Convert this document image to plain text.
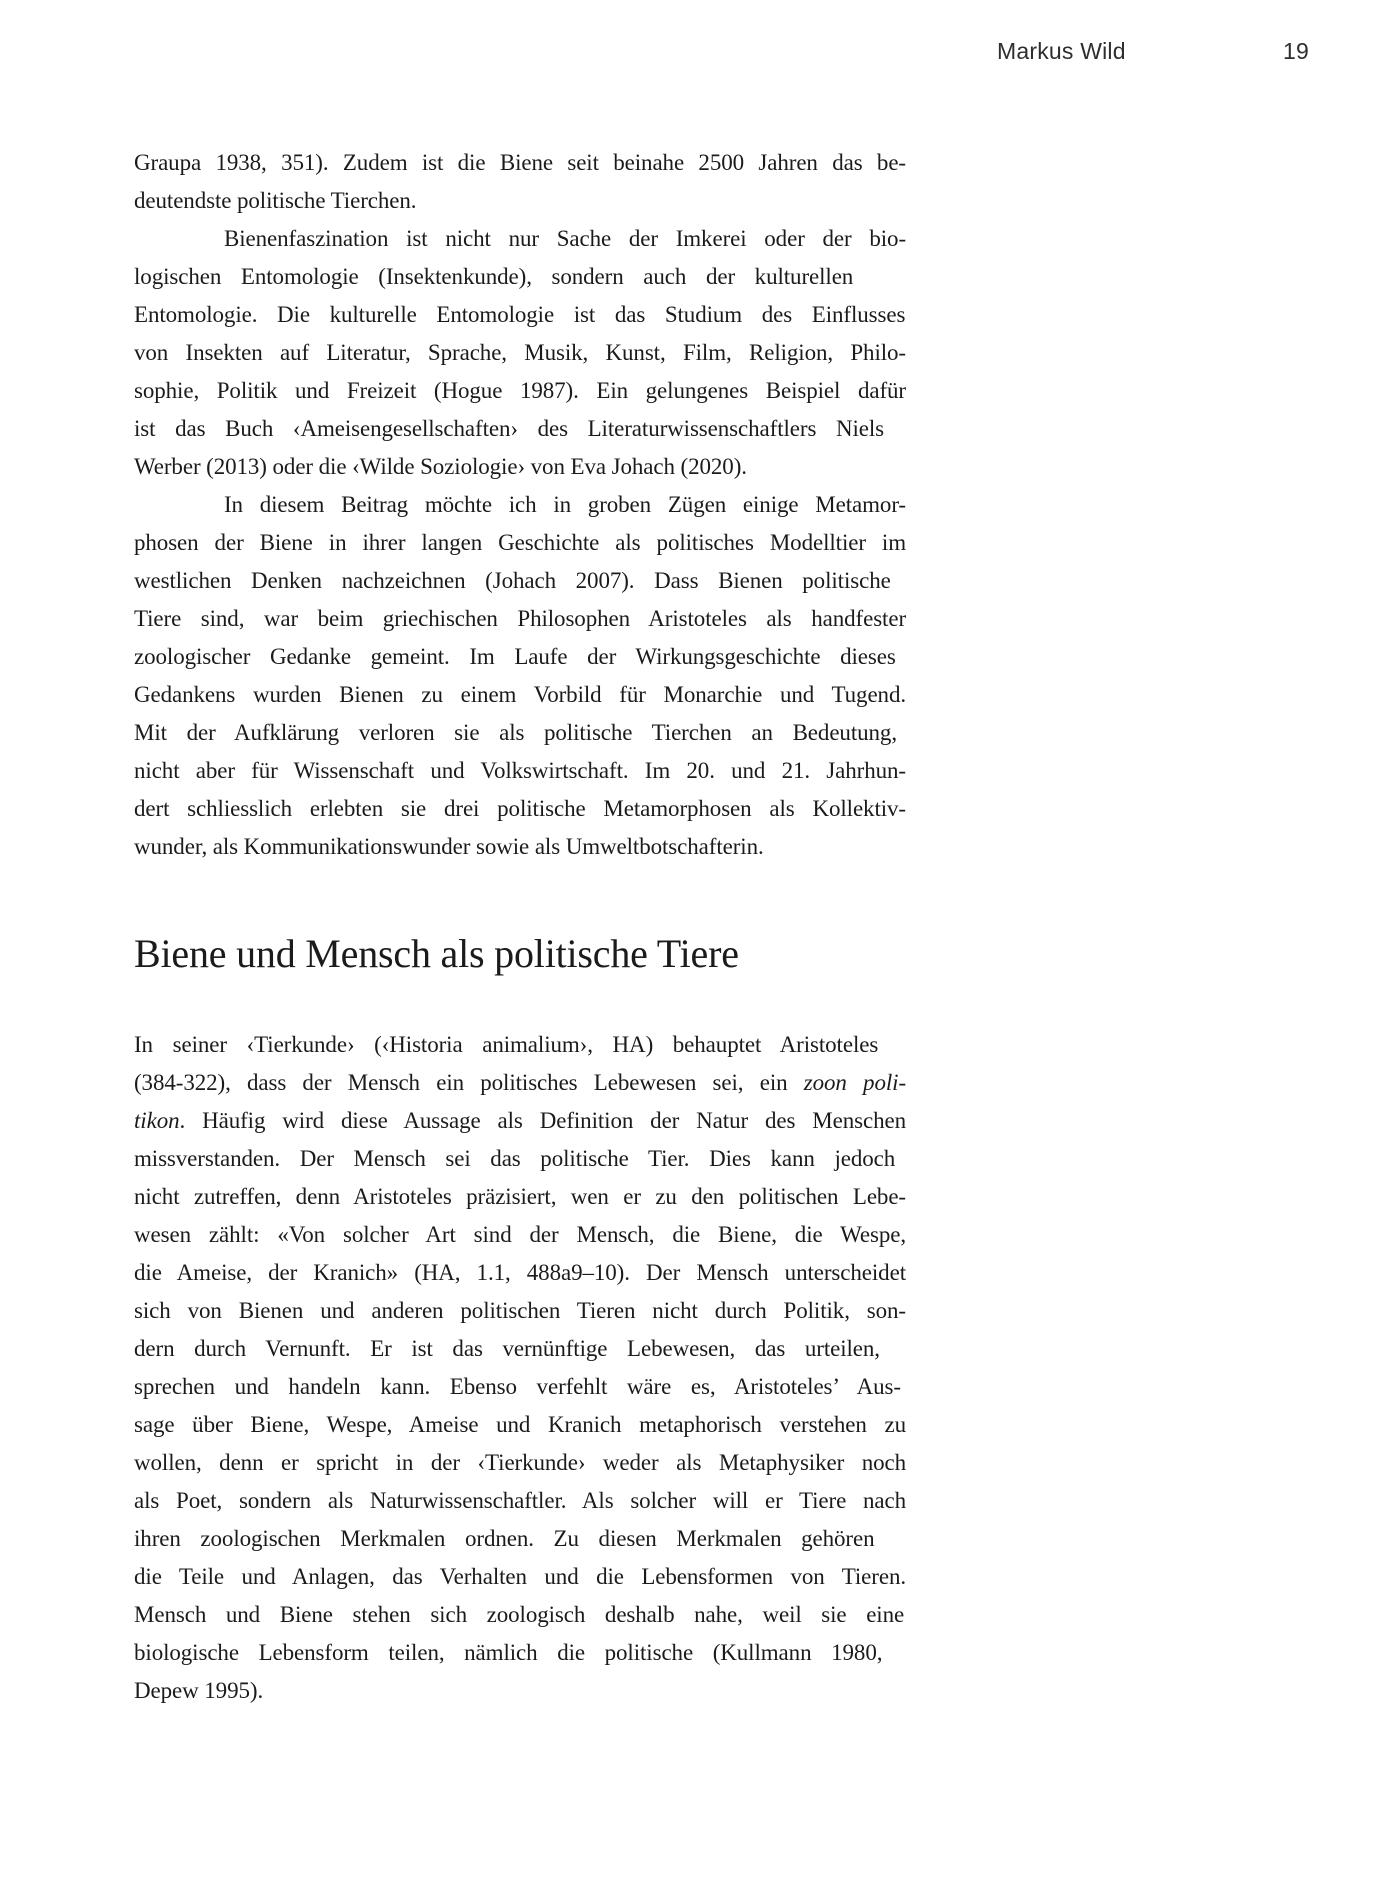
Markus Wild	19
Graupa 1938, 351). Zudem ist die Biene seit beinahe 2500 Jahren das be-
deutendste politische Tierchen.
Bienenfaszination ist nicht nur Sache der Imkerei oder der bio-
logischen Entomologie (Insektenkunde), sondern auch der kulturellen
Entomologie. Die kulturelle Entomologie ist das Studium des Einflusses
von Insekten auf Literatur, Sprache, Musik, Kunst, Film, Religion, Philo-
sophie, Politik und Freizeit (Hogue 1987). Ein gelungenes Beispiel dafür
ist das Buch ‹Ameisengesellschaften› des Literaturwissenschaftlers Niels
Werber (2013) oder die ‹Wilde Soziologie› von Eva Johach (2020).
In diesem Beitrag möchte ich in groben Zügen einige Metamor-
phosen der Biene in ihrer langen Geschichte als politisches Modelltier im
westlichen Denken nachzeichnen (Johach 2007). Dass Bienen politische
Tiere sind, war beim griechischen Philosophen Aristoteles als handfester
zoologischer Gedanke gemeint. Im Laufe der Wirkungsgeschichte dieses
Gedankens wurden Bienen zu einem Vorbild für Monarchie und Tugend.
Mit der Aufklärung verloren sie als politische Tierchen an Bedeutung,
nicht aber für Wissenschaft und Volkswirtschaft. Im 20. und 21. Jahrhun-
dert schliesslich erlebten sie drei politische Metamorphosen als Kollektiv-
wunder, als Kommunikationswunder sowie als Umweltbotschafterin.
Biene und Mensch als politische Tiere
In seiner ‹Tierkunde› (‹Historia animalium›, HA) behauptet Aristoteles
(384-322), dass der Mensch ein politisches Lebewesen sei, ein zoon poli-
tikon. Häufig wird diese Aussage als Definition der Natur des Menschen
missverstanden. Der Mensch sei das politische Tier. Dies kann jedoch
nicht zutreffen, denn Aristoteles präzisiert, wen er zu den politischen Lebe-
wesen zählt: «Von solcher Art sind der Mensch, die Biene, die Wespe,
die Ameise, der Kranich» (HA, 1.1, 488a9–10). Der Mensch unterscheidet
sich von Bienen und anderen politischen Tieren nicht durch Politik, son-
dern durch Vernunft. Er ist das vernünftige Lebewesen, das urteilen,
sprechen und handeln kann. Ebenso verfehlt wäre es, Aristoteles’ Aus-
sage über Biene, Wespe, Ameise und Kranich metaphorisch verstehen zu
wollen, denn er spricht in der ‹Tierkunde› weder als Metaphysiker noch
als Poet, sondern als Naturwissenschaftler. Als solcher will er Tiere nach
ihren zoologischen Merkmalen ordnen. Zu diesen Merkmalen gehören
die Teile und Anlagen, das Verhalten und die Lebensformen von Tieren.
Mensch und Biene stehen sich zoologisch deshalb nahe, weil sie eine
biologische Lebensform teilen, nämlich die politische (Kullmann 1980,
Depew 1995).
